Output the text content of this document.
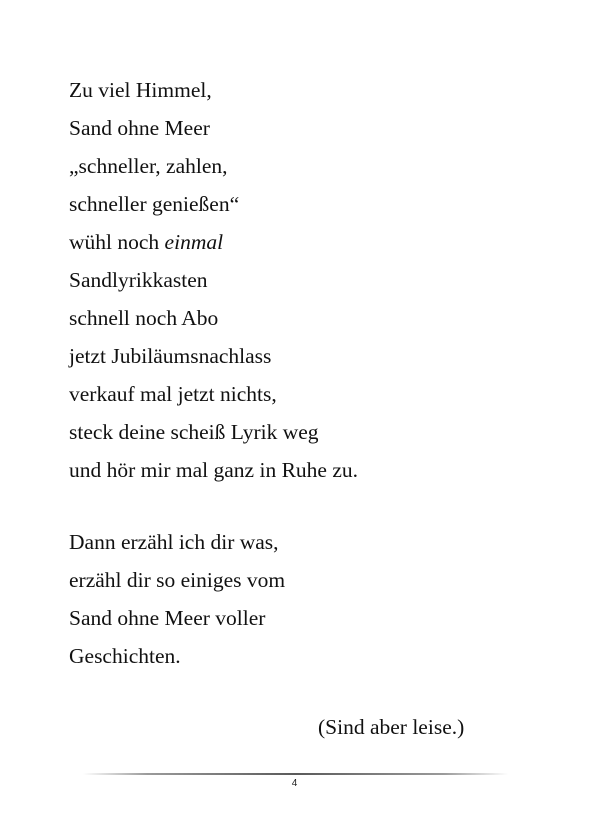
Zu viel Himmel,
Sand ohne Meer
„schneller, zahlen,
schneller genießen“
wühl noch einmal
Sandlyrikkasten
schnell noch Abo
jetzt Jubiläumsnachlass
verkauf mal jetzt nichts,
steck deine scheiß Lyrik weg
und hör mir mal ganz in Ruhe zu.
Dann erzähl ich dir was,
erzähl dir so einiges vom
Sand ohne Meer voller
Geschichten.
(Sind aber leise.)
4
